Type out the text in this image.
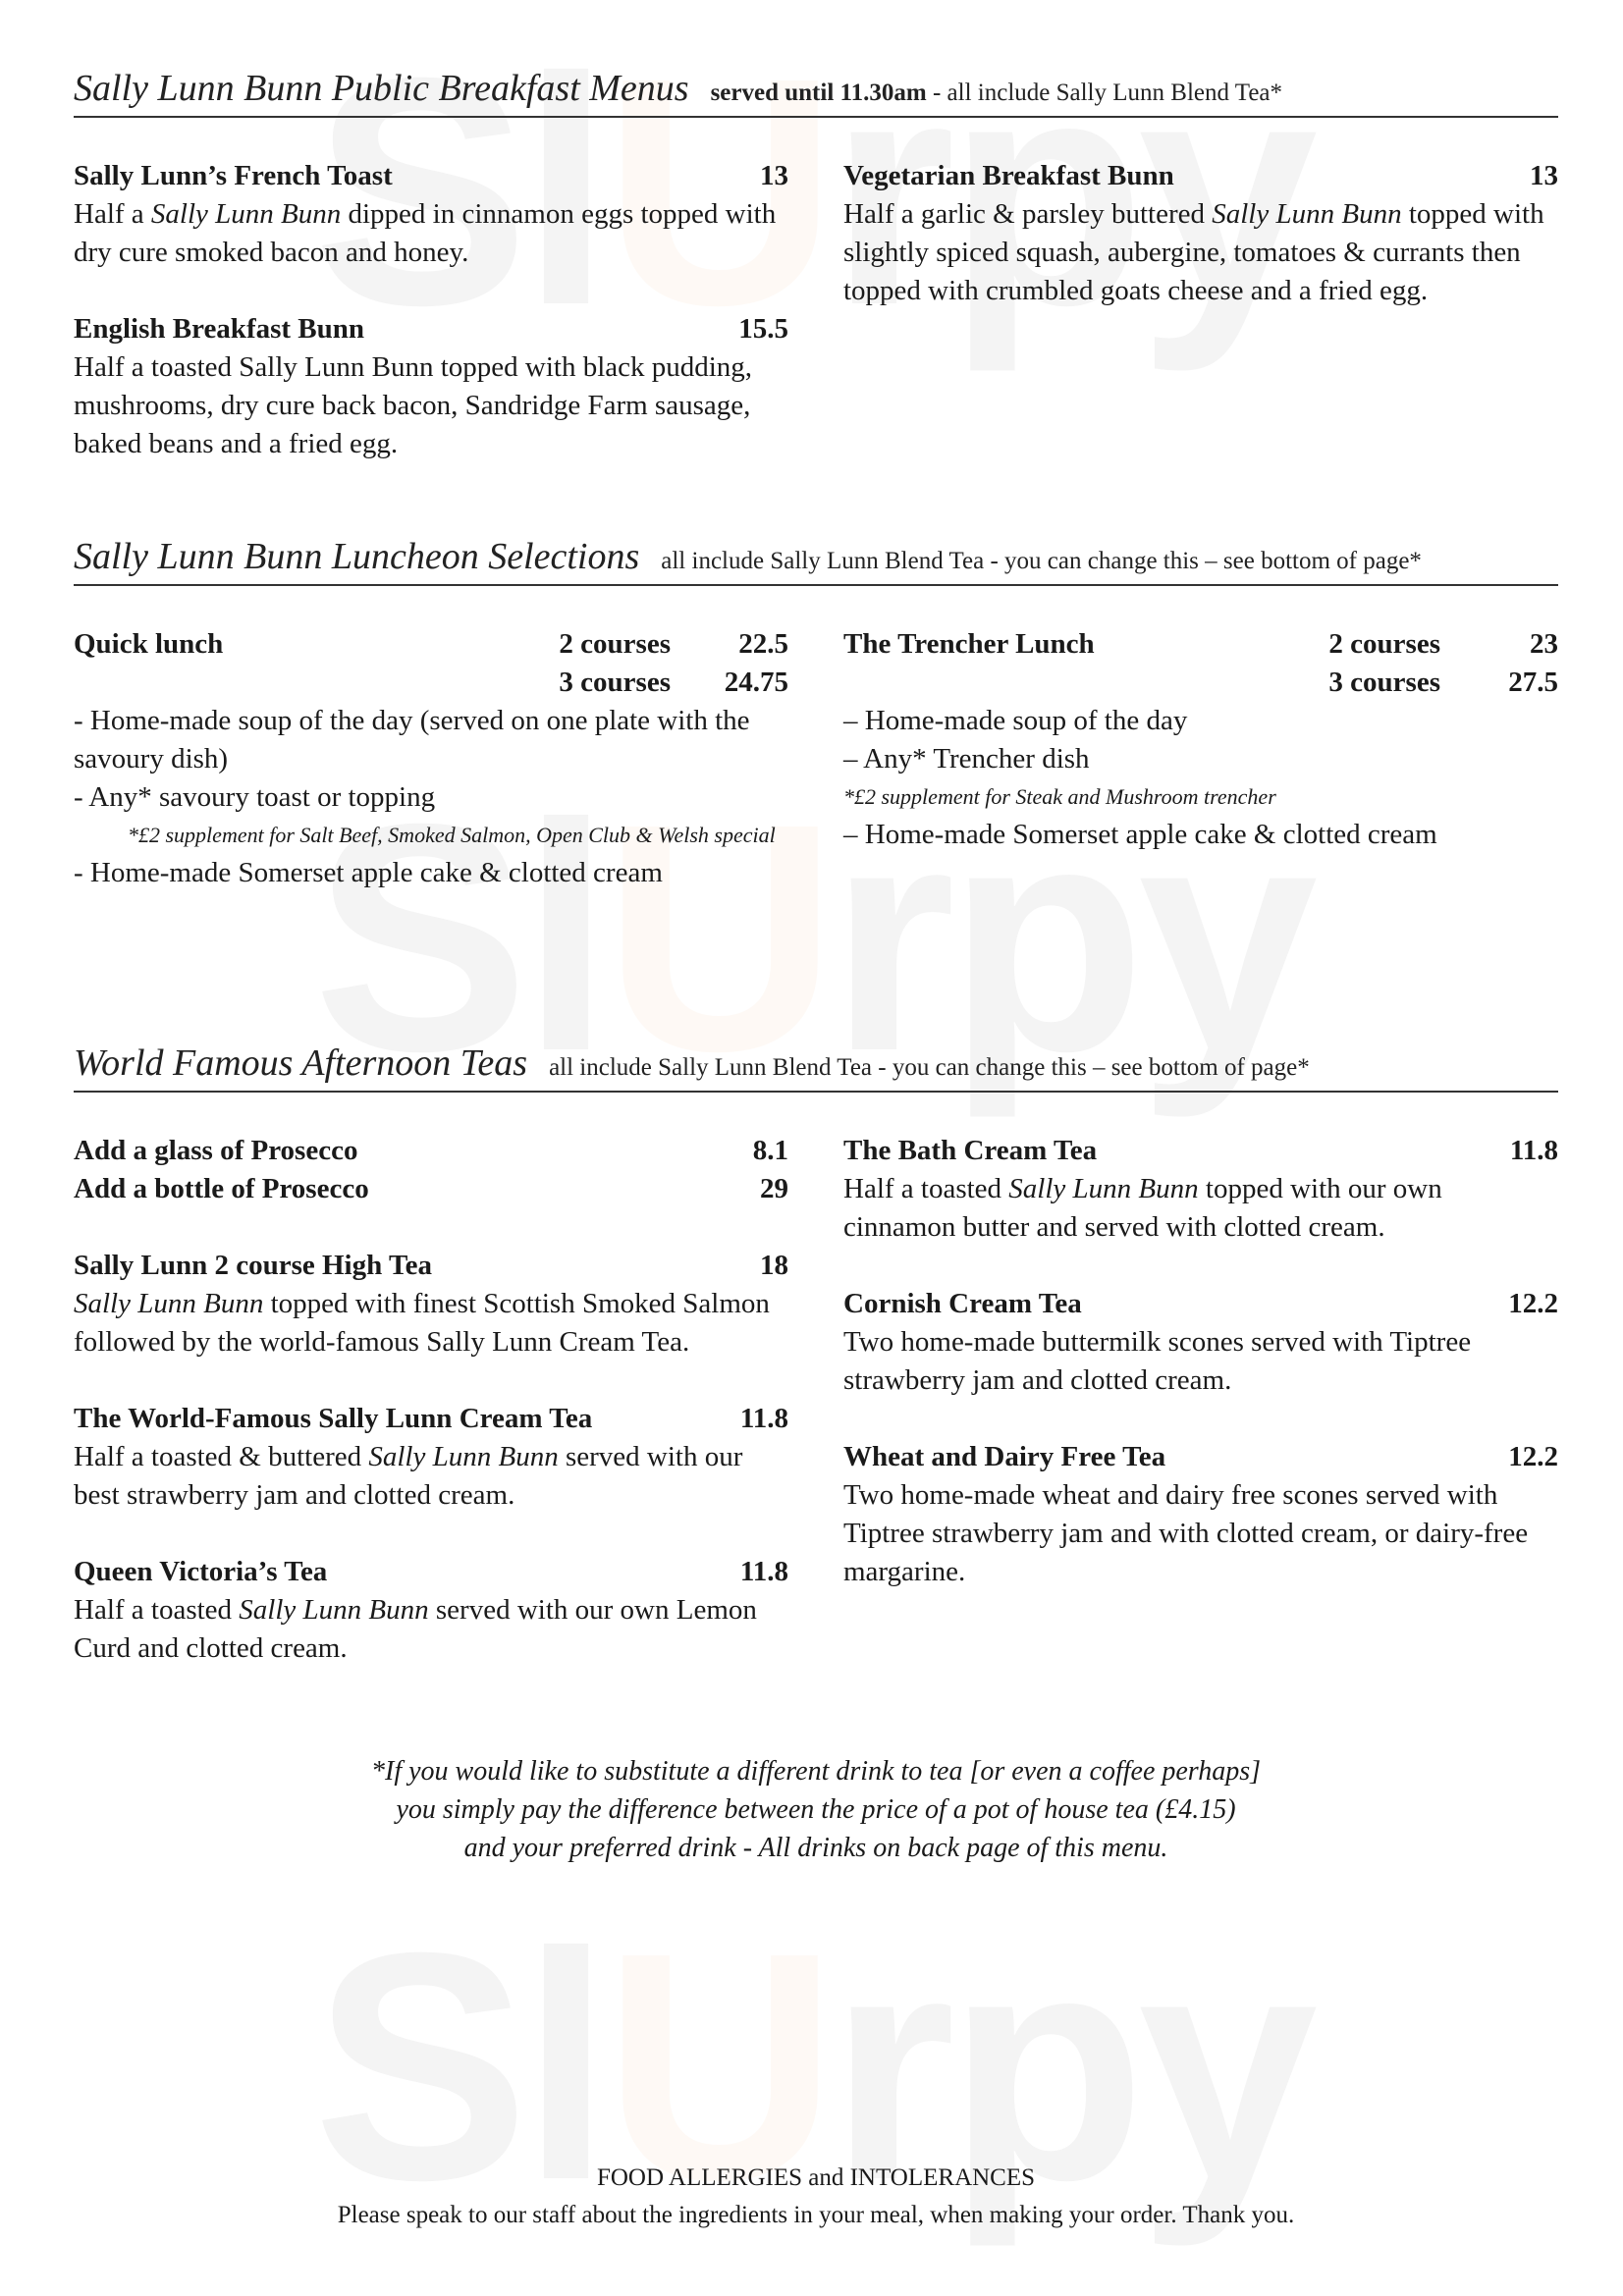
Sally Lunn Bunn Public Breakfast Menus served until 11.30am - all include Sally Lunn Blend Tea*
Sally Lunn’s French Toast	13
Half a Sally Lunn Bunn dipped in cinnamon eggs topped with dry cure smoked bacon and honey.
English Breakfast Bunn	15.5
Half a toasted Sally Lunn Bunn topped with black pudding, mushrooms, dry cure back bacon, Sandridge Farm sausage, baked beans and a fried egg.
Vegetarian Breakfast Bunn	13
Half a garlic & parsley buttered Sally Lunn Bunn topped with slightly spiced squash, aubergine, tomatoes & currants then topped with crumbled goats cheese and a fried egg.
Sally Lunn Bunn Luncheon Selections all include Sally Lunn Blend Tea - you can change this – see bottom of page*
Quick lunch	2 courses	22.5
3 courses 24.75
- Home-made soup of the day (served on one plate with the savoury dish)
- Any* savoury toast or topping
*£2 supplement for Salt Beef, Smoked Salmon, Open Club & Welsh special
- Home-made Somerset apple cake & clotted cream
The Trencher Lunch	2 courses	23
3 courses	27.5
– Home-made soup of the day
– Any* Trencher dish
*£2 supplement for Steak and Mushroom trencher
– Home-made Somerset apple cake & clotted cream
World Famous Afternoon Teas all include Sally Lunn Blend Tea - you can change this – see bottom of page*
Add a glass of Prosecco	8.1
Add a bottle of Prosecco	29
Sally Lunn 2 course High Tea	18
Sally Lunn Bunn topped with finest Scottish Smoked Salmon followed by the world-famous Sally Lunn Cream Tea.
The World-Famous Sally Lunn Cream Tea	11.8
Half a toasted & buttered Sally Lunn Bunn served with our best strawberry jam and clotted cream.
Queen Victoria’s Tea	11.8
Half a toasted Sally Lunn Bunn served with our own Lemon Curd and clotted cream.
The Bath Cream Tea	11.8
Half a toasted Sally Lunn Bunn topped with our own cinnamon butter and served with clotted cream.
Cornish Cream Tea	12.2
Two home-made buttermilk scones served with Tiptree strawberry jam and clotted cream.
Wheat and Dairy Free Tea	12.2
Two home-made wheat and dairy free scones served with Tiptree strawberry jam and with clotted cream, or dairy-free margarine.
*If you would like to substitute a different drink to tea [or even a coffee perhaps]
you simply pay the difference between the price of a pot of house tea (£4.15)
and your preferred drink - All drinks on back page of this menu.
FOOD ALLERGIES and INTOLERANCES
Please speak to our staff about the ingredients in your meal, when making your order. Thank you.
